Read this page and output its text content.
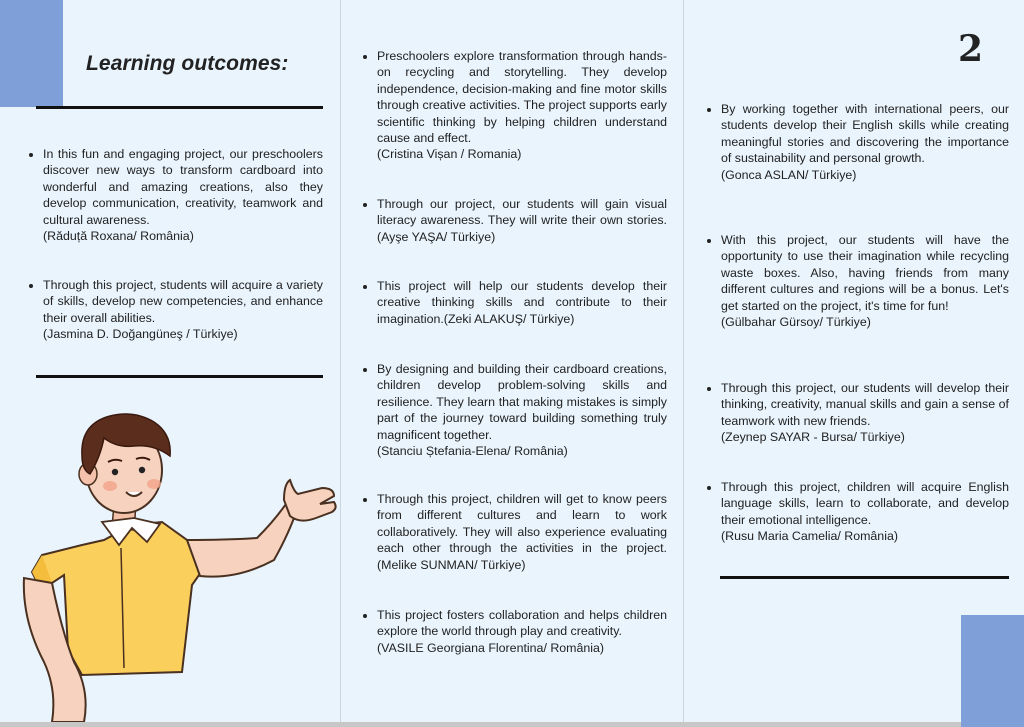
Learning outcomes:	2

In this fun and engaging project, our preschoolers discover new ways to transform cardboard into wonderful and amazing creations, also they develop communication, creativity, teamwork and cultural awareness.

(Răduță Roxana/ România)

Through this project, students will acquire a variety of skills, develop new competencies, and enhance their overall abilities.

(Jasmina D. Doğangüneş / Türkiye)

Preschoolers explore transformation through hands-on recycling and storytelling. They develop independence, decision-making and fine motor skills through creative activities. The project supports early scientific thinking by helping children understand cause and effect.

(Cristina Vișan / Romania)

Through our project, our students will gain visual literacy awareness. They will write their own stories. (Ayşe YAŞA/ Türkiye)

This project will help our students develop their creative thinking skills and contribute to their imagination.(Zeki ALAKUŞ/ Türkiye)

By designing and building their cardboard creations, children develop problem-solving skills and resilience. They learn that making mistakes is simply part of the journey toward building something truly magnificent together.

(Stanciu Ștefania-Elena/ România)

Through this project, children will get to know peers from different cultures and learn to work collaboratively. They will also experience evaluating each other through the activities in the project. (Melike SUNMAN/ Türkiye)

This project fosters collaboration and helps children explore the world through play and creativity.

(VASILE Georgiana Florentina/ România)

By working together with international peers, our students develop their English skills while creating meaningful stories and discovering the importance of sustainability and personal growth.

(Gonca ASLAN/ Türkiye)

With this project, our students will have the opportunity to use their imagination while recycling waste boxes. Also, having friends from many different cultures and regions will be a bonus. Let's get started on the project, it's time for fun!

(Gülbahar Gürsoy/ Türkiye)

Through this project, our students will develop their thinking, creativity, manual skills and gain a sense of teamwork with new friends.

(Zeynep SAYAR - Bursa/ Türkiye)

Through this project, children will acquire English language skills, learn to collaborate, and develop their emotional intelligence.

(Rusu Maria Camelia/ România)
